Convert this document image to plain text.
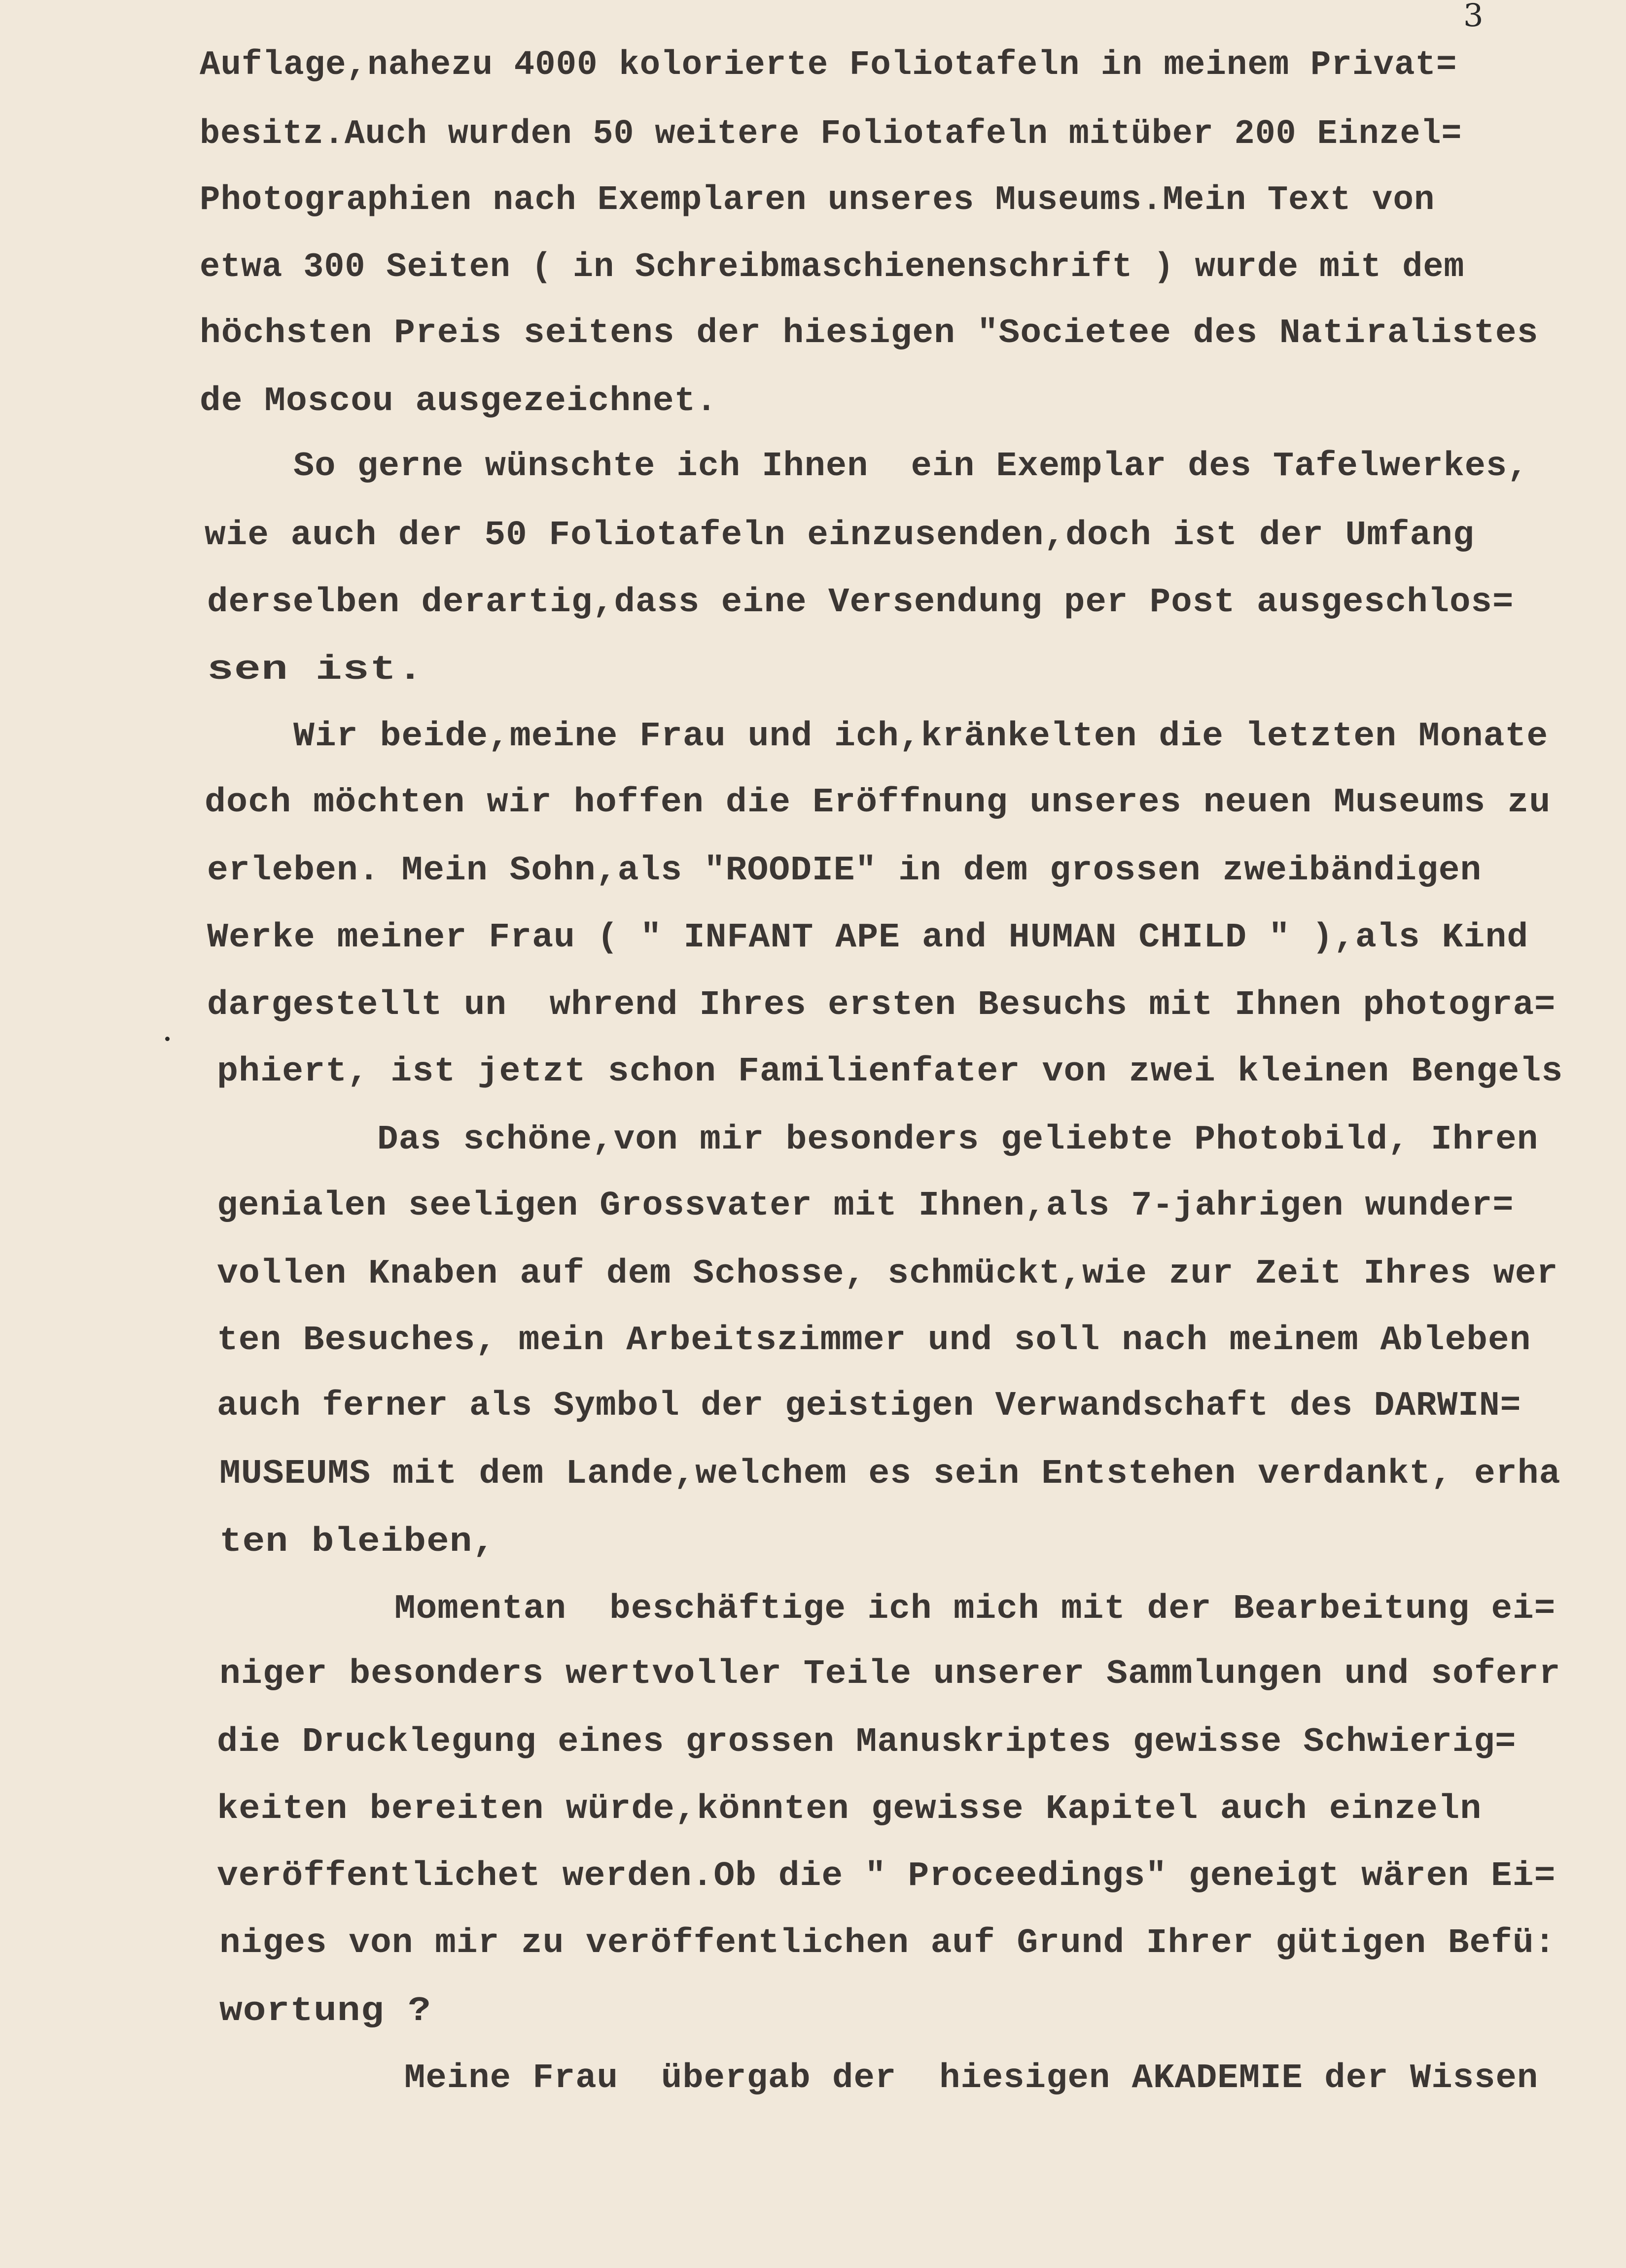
3

Auflage,nahezu 4000 kolorierte Foliotafeln in meinem Privat=

besitz.Auch wurden 50 weitere Foliotafeln mitüber 200 Einzel=

Photographien nach Exemplaren unseres Museums.Mein Text von

etwa 300 Seiten ( in Schreibmaschienenschrift ) wurde mit dem

höchsten Preis seitens der hiesigen "Societee des Natiralistes

de Moscou ausgezeichnet.

So gerne wünschte ich Ihnen  ein Exemplar des Tafelwerkes,

wie auch der 50 Foliotafeln einzusenden,doch ist der Umfang

derselben derartig,dass eine Versendung per Post ausgeschlos=

sen ist.

Wir beide,meine Frau und ich,kränkelten die letzten Monate

doch möchten wir hoffen die Eröffnung unseres neuen Museums zu

erleben. Mein Sohn,als "ROODIE" in dem grossen zweibändigen

Werke meiner Frau ( " INFANT APE and HUMAN CHILD " ),als Kind

dargestellt un  whrend Ihres ersten Besuchs mit Ihnen photogra=

phiert, ist jetzt schon Familienfater von zwei kleinen Bengels

Das schöne,von mir besonders geliebte Photobild, Ihren

genialen seeligen Grossvater mit Ihnen,als 7-jahrigen wunder=

vollen Knaben auf dem Schosse, schmückt,wie zur Zeit Ihres wer

ten Besuches, mein Arbeitszimmer und soll nach meinem Ableben

auch ferner als Symbol der geistigen Verwandschaft des DARWIN=

MUSEUMS mit dem Lande,welchem es sein Entstehen verdankt, erha

ten bleiben,

Momentan  beschäftige ich mich mit der Bearbeitung ei=

niger besonders wertvoller Teile unserer Sammlungen und soferr

die Drucklegung eines grossen Manuskriptes gewisse Schwierig=

keiten bereiten würde,könnten gewisse Kapitel auch einzeln

veröffentlichet werden.Ob die " Proceedings" geneigt wären Ei=

niges von mir zu veröffentlichen auf Grund Ihrer gütigen Befü:

wortung ?

Meine Frau  übergab der  hiesigen AKADEMIE der Wissen
